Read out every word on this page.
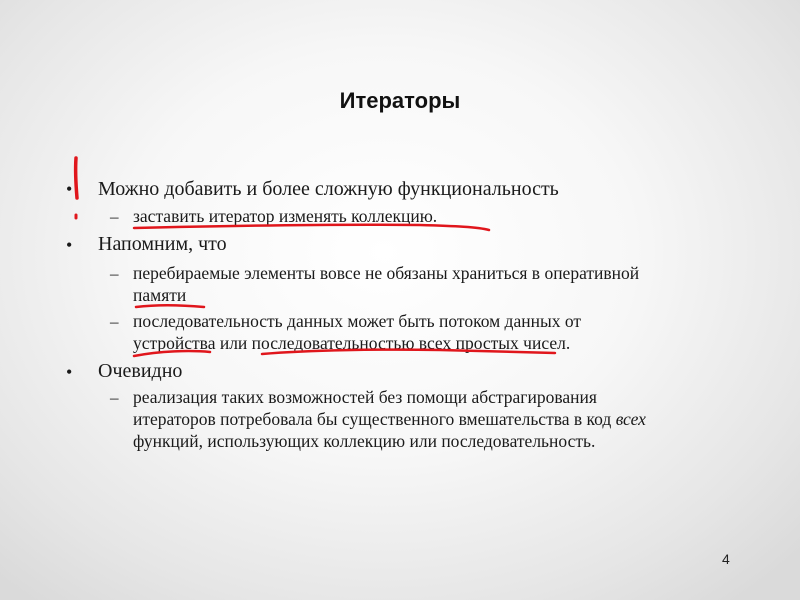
Итераторы
• Можно добавить и более сложную функциональность
– заставить итератор изменять коллекцию.
• Напомним, что
– перебираемые элементы вовсе не обязаны храниться в оперативной
памяти
– последовательность данных может быть потоком данных от
устройства или последовательностью всех простых чисел.
• Очевидно
– реализация таких возможностей без помощи абстрагирования
итераторов потребовала бы существенного вмешательства в код всех
функций, использующих коллекцию или последовательность.
4
